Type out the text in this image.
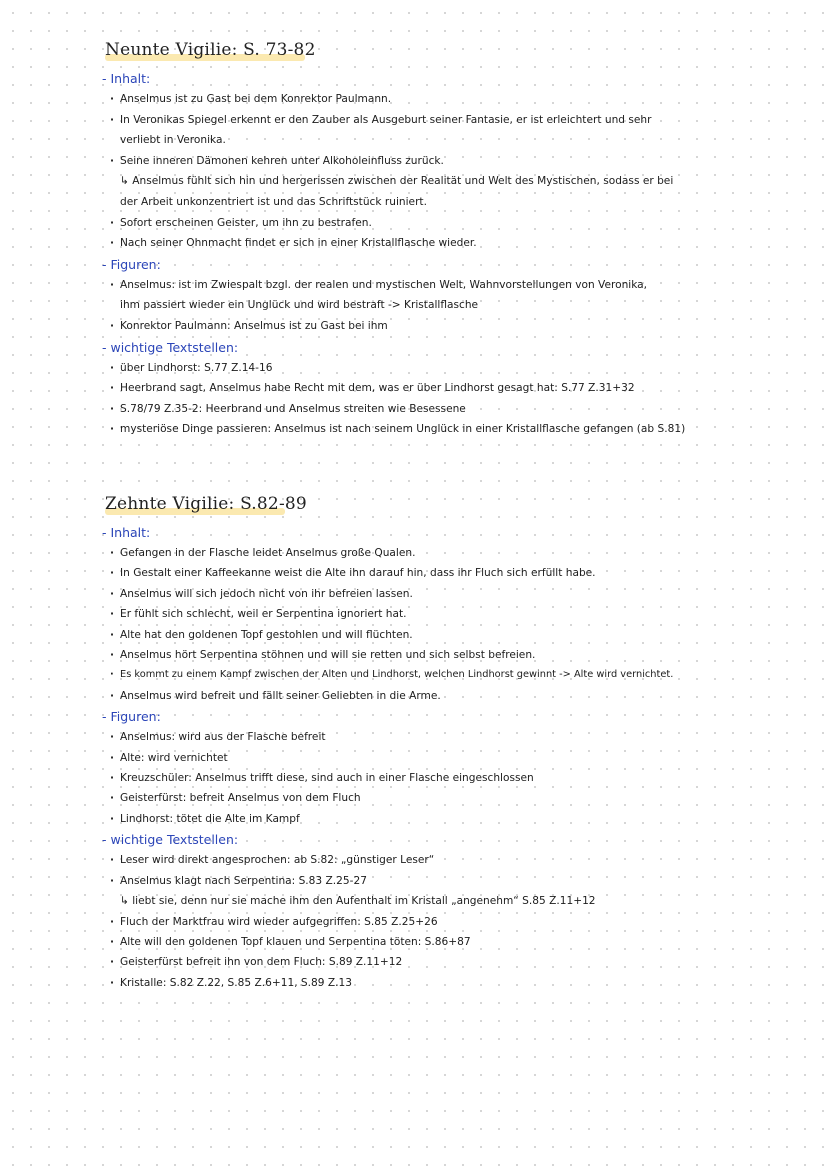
Neunte Vigilie: S. 73-82
- Inhalt:
· Anselmus ist zu Gast bei dem Konrektor Paulmann.
· In Veronikas Spiegel erkennt er den Zauber als Ausgeburt seiner Fantasie, er ist erleichtert und sehr
verliebt in Veronika.
· Seine inneren Dämonen kehren unter Alkoholeinfluss zurück.
↳ Anselmus fühlt sich hin und hergerissen zwischen der Realität und Welt des Mystischen, sodass er bei
der Arbeit unkonzentriert ist und das Schriftstück ruiniert.
· Sofort erscheinen Geister, um ihn zu bestrafen.
· Nach seiner Ohnmacht findet er sich in einer Kristallflasche wieder.
- Figuren:
· Anselmus: ist im Zwiespalt bzgl. der realen und mystischen Welt, Wahnvorstellungen von Veronika,
ihm passiert wieder ein Unglück und wird bestraft -> Kristallflasche
· Konrektor Paulmann: Anselmus ist zu Gast bei ihm
- wichtige Textstellen:
· über Lindhorst: S.77 Z.14-16
· Heerbrand sagt, Anselmus habe Recht mit dem, was er über Lindhorst gesagt hat: S.77 Z.31+32
· S.78/79 Z.35-2: Heerbrand und Anselmus streiten wie Besessene
· mysteriöse Dinge passieren: Anselmus ist nach seinem Unglück in einer Kristallflasche gefangen (ab S.81)
Zehnte Vigilie: S.82-89
- Inhalt:
· Gefangen in der Flasche leidet Anselmus große Qualen.
· In Gestalt einer Kaffeekanne weist die Alte ihn darauf hin, dass ihr Fluch sich erfüllt habe.
· Anselmus will sich jedoch nicht von ihr befreien lassen.
· Er fühlt sich schlecht, weil er Serpentina ignoriert hat.
· Alte hat den goldenen Topf gestohlen und will flüchten.
· Anselmus hört Serpentina stöhnen und will sie retten und sich selbst befreien.
· Es kommt zu einem Kampf zwischen der Alten und Lindhorst, welchen Lindhorst gewinnt -> Alte wird vernichtet.
· Anselmus wird befreit und fällt seiner Geliebten in die Arme.
- Figuren:
· Anselmus: wird aus der Flasche befreit
· Alte: wird vernichtet
· Kreuzschüler: Anselmus trifft diese, sind auch in einer Flasche eingeschlossen
· Geisterfürst: befreit Anselmus von dem Fluch
· Lindhorst: tötet die Alte im Kampf
- wichtige Textstellen:
· Leser wird direkt angesprochen: ab S.82: „günstiger Leser“
· Anselmus klagt nach Serpentina: S.83 Z.25-27
↳ liebt sie, denn nur sie mache ihm den Aufenthalt im Kristall „angenehm“ S.85 Z.11+12
· Fluch der Marktfrau wird wieder aufgegriffen: S.85 Z.25+26
· Alte will den goldenen Topf klauen und Serpentina töten: S.86+87
· Geisterfürst befreit ihn von dem Fluch: S.89 Z.11+12
· Kristalle: S.82 Z.22, S.85 Z.6+11, S.89 Z.13
